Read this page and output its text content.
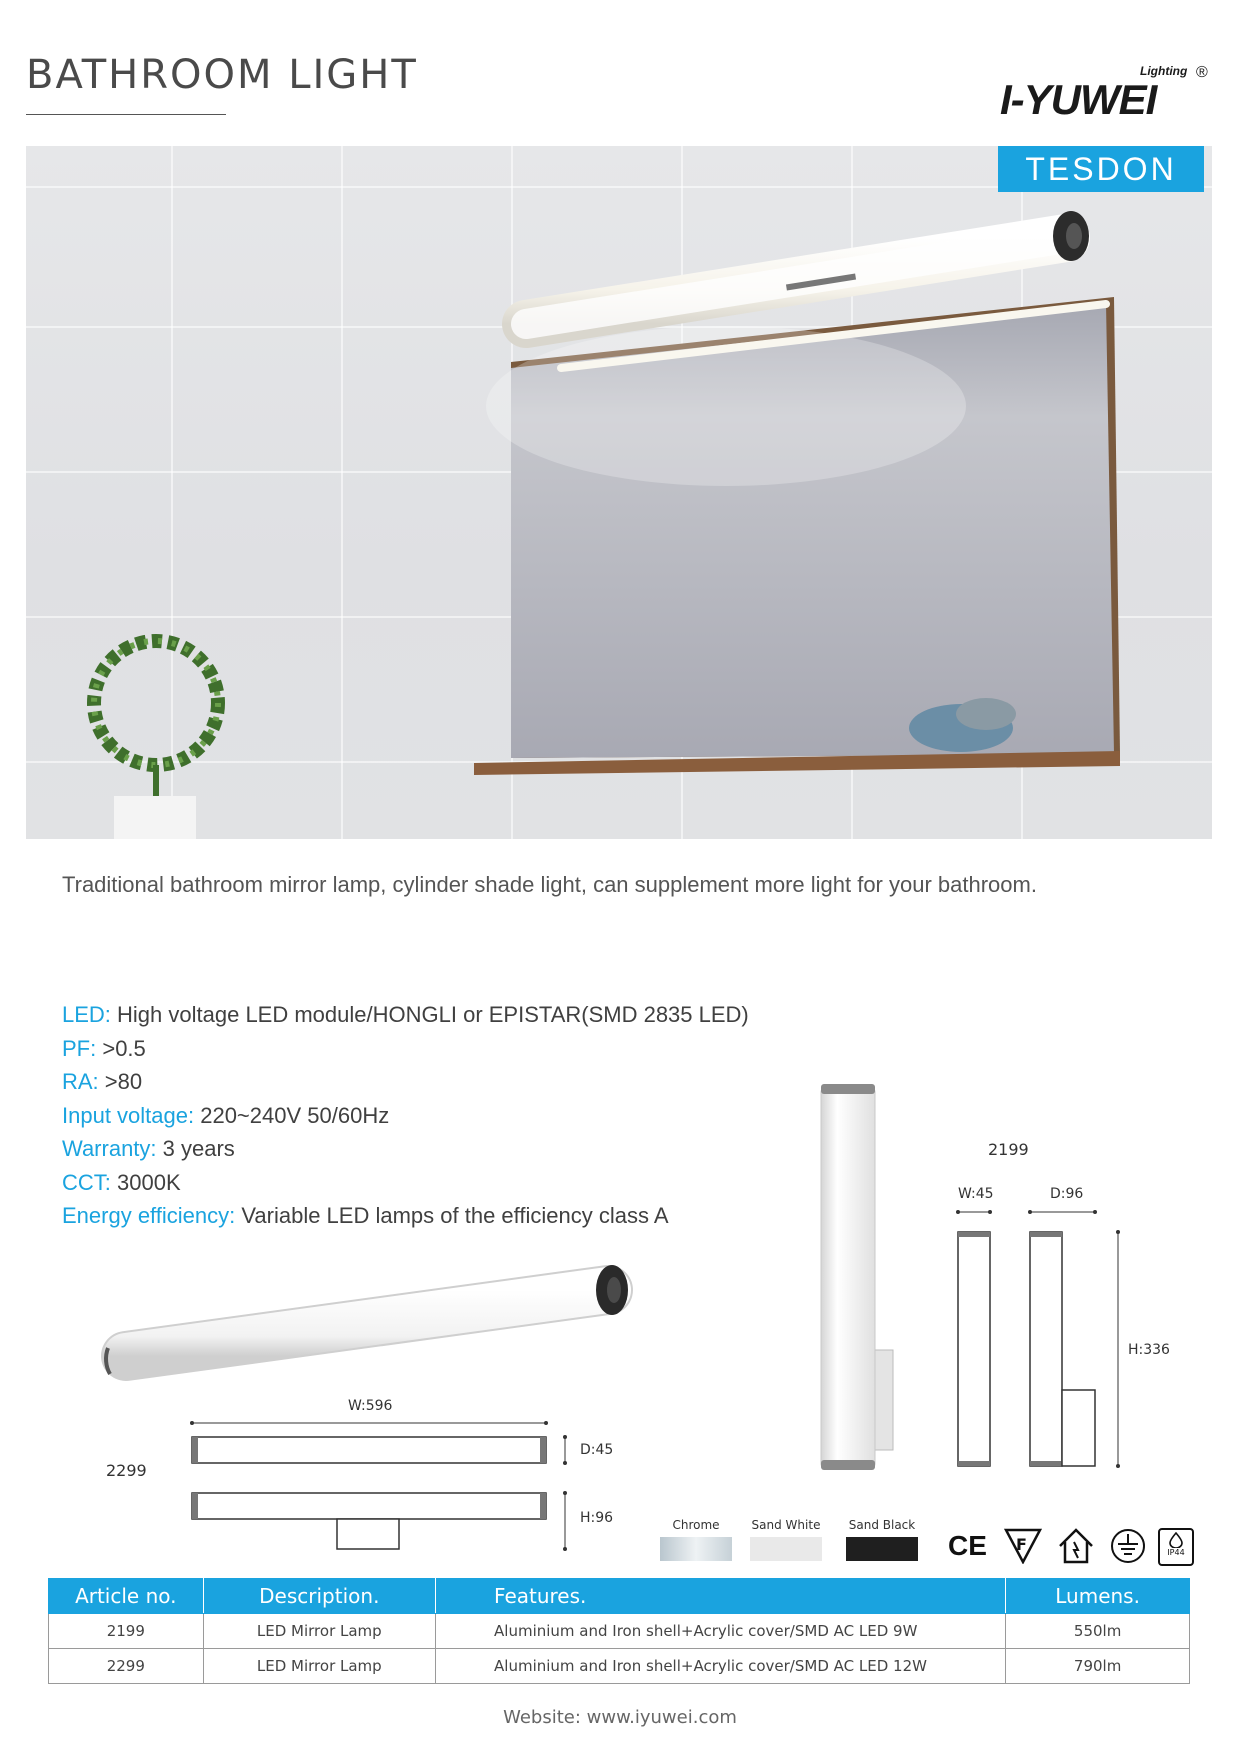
BATHROOM LIGHT
I-YUWEI
Lighting ®
TESDON
Traditional bathroom mirror lamp, cylinder shade light, can supplement more light for your bathroom.
LED: High voltage LED module/HONGLI or EPISTAR(SMD 2835 LED)
PF: >0.5
RA: >80
Input voltage: 220~240V 50/60Hz
Warranty: 3 years
CCT: 3000K
Energy efficiency: Variable LED lamps of the efficiency class A
W:596
D:45
H:96
2299
2199
W:45	D:96
H:336
Chrome	Sand White	Sand Black
CE F	IP44
Article no.	Description.	Features.	Lumens.
2199	LED Mirror Lamp	Aluminium and Iron shell+Acrylic cover/SMD AC LED 9W	550lm
2299	LED Mirror Lamp	Aluminium and Iron shell+Acrylic cover/SMD AC LED 12W	790lm
Website: www.iyuwei.com
